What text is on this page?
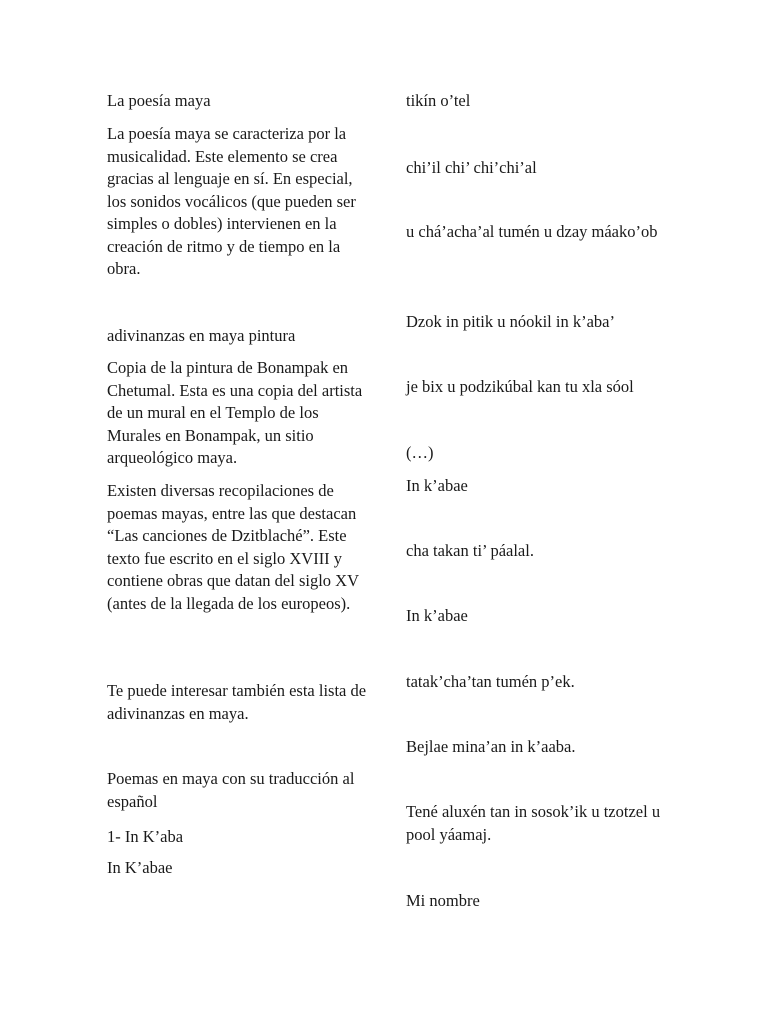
La poesía maya

La poesía maya se caracteriza por la musicalidad. Este elemento se crea gracias al lenguaje en sí. En especial, los sonidos vocálicos (que pueden ser simples o dobles) intervienen en la creación de ritmo y de tiempo en la obra.

adivinanzas en maya pintura

Copia de la pintura de Bonampak en Chetumal. Esta es una copia del artista de un mural en el Templo de los Murales en Bonampak, un sitio arqueológico maya.

Existen diversas recopilaciones de poemas mayas, entre las que destacan “Las canciones de Dzitblaché”. Este texto fue escrito en el siglo XVIII y contiene obras que datan del siglo XV (antes de la llegada de los europeos).

Te puede interesar también esta lista de adivinanzas en maya.

Poemas en maya con su traducción al español

1- In K’aba

In K’abae

tikín o’tel

chi’il chi’ chi’chi’al

u chá’acha’al tumén u dzay máako’ob

Dzok in pitik u nóokil in k’aba’

je bix u podzikúbal kan tu xla sóol

(…)

In k’abae

cha takan ti’ páalal.

In k’abae

tatak’cha’tan tumén p’ek.

Bejlae mina’an in k’aaba.

Tené aluxén tan in sosok’ik u tzotzel u pool yáamaj.

Mi nombre
